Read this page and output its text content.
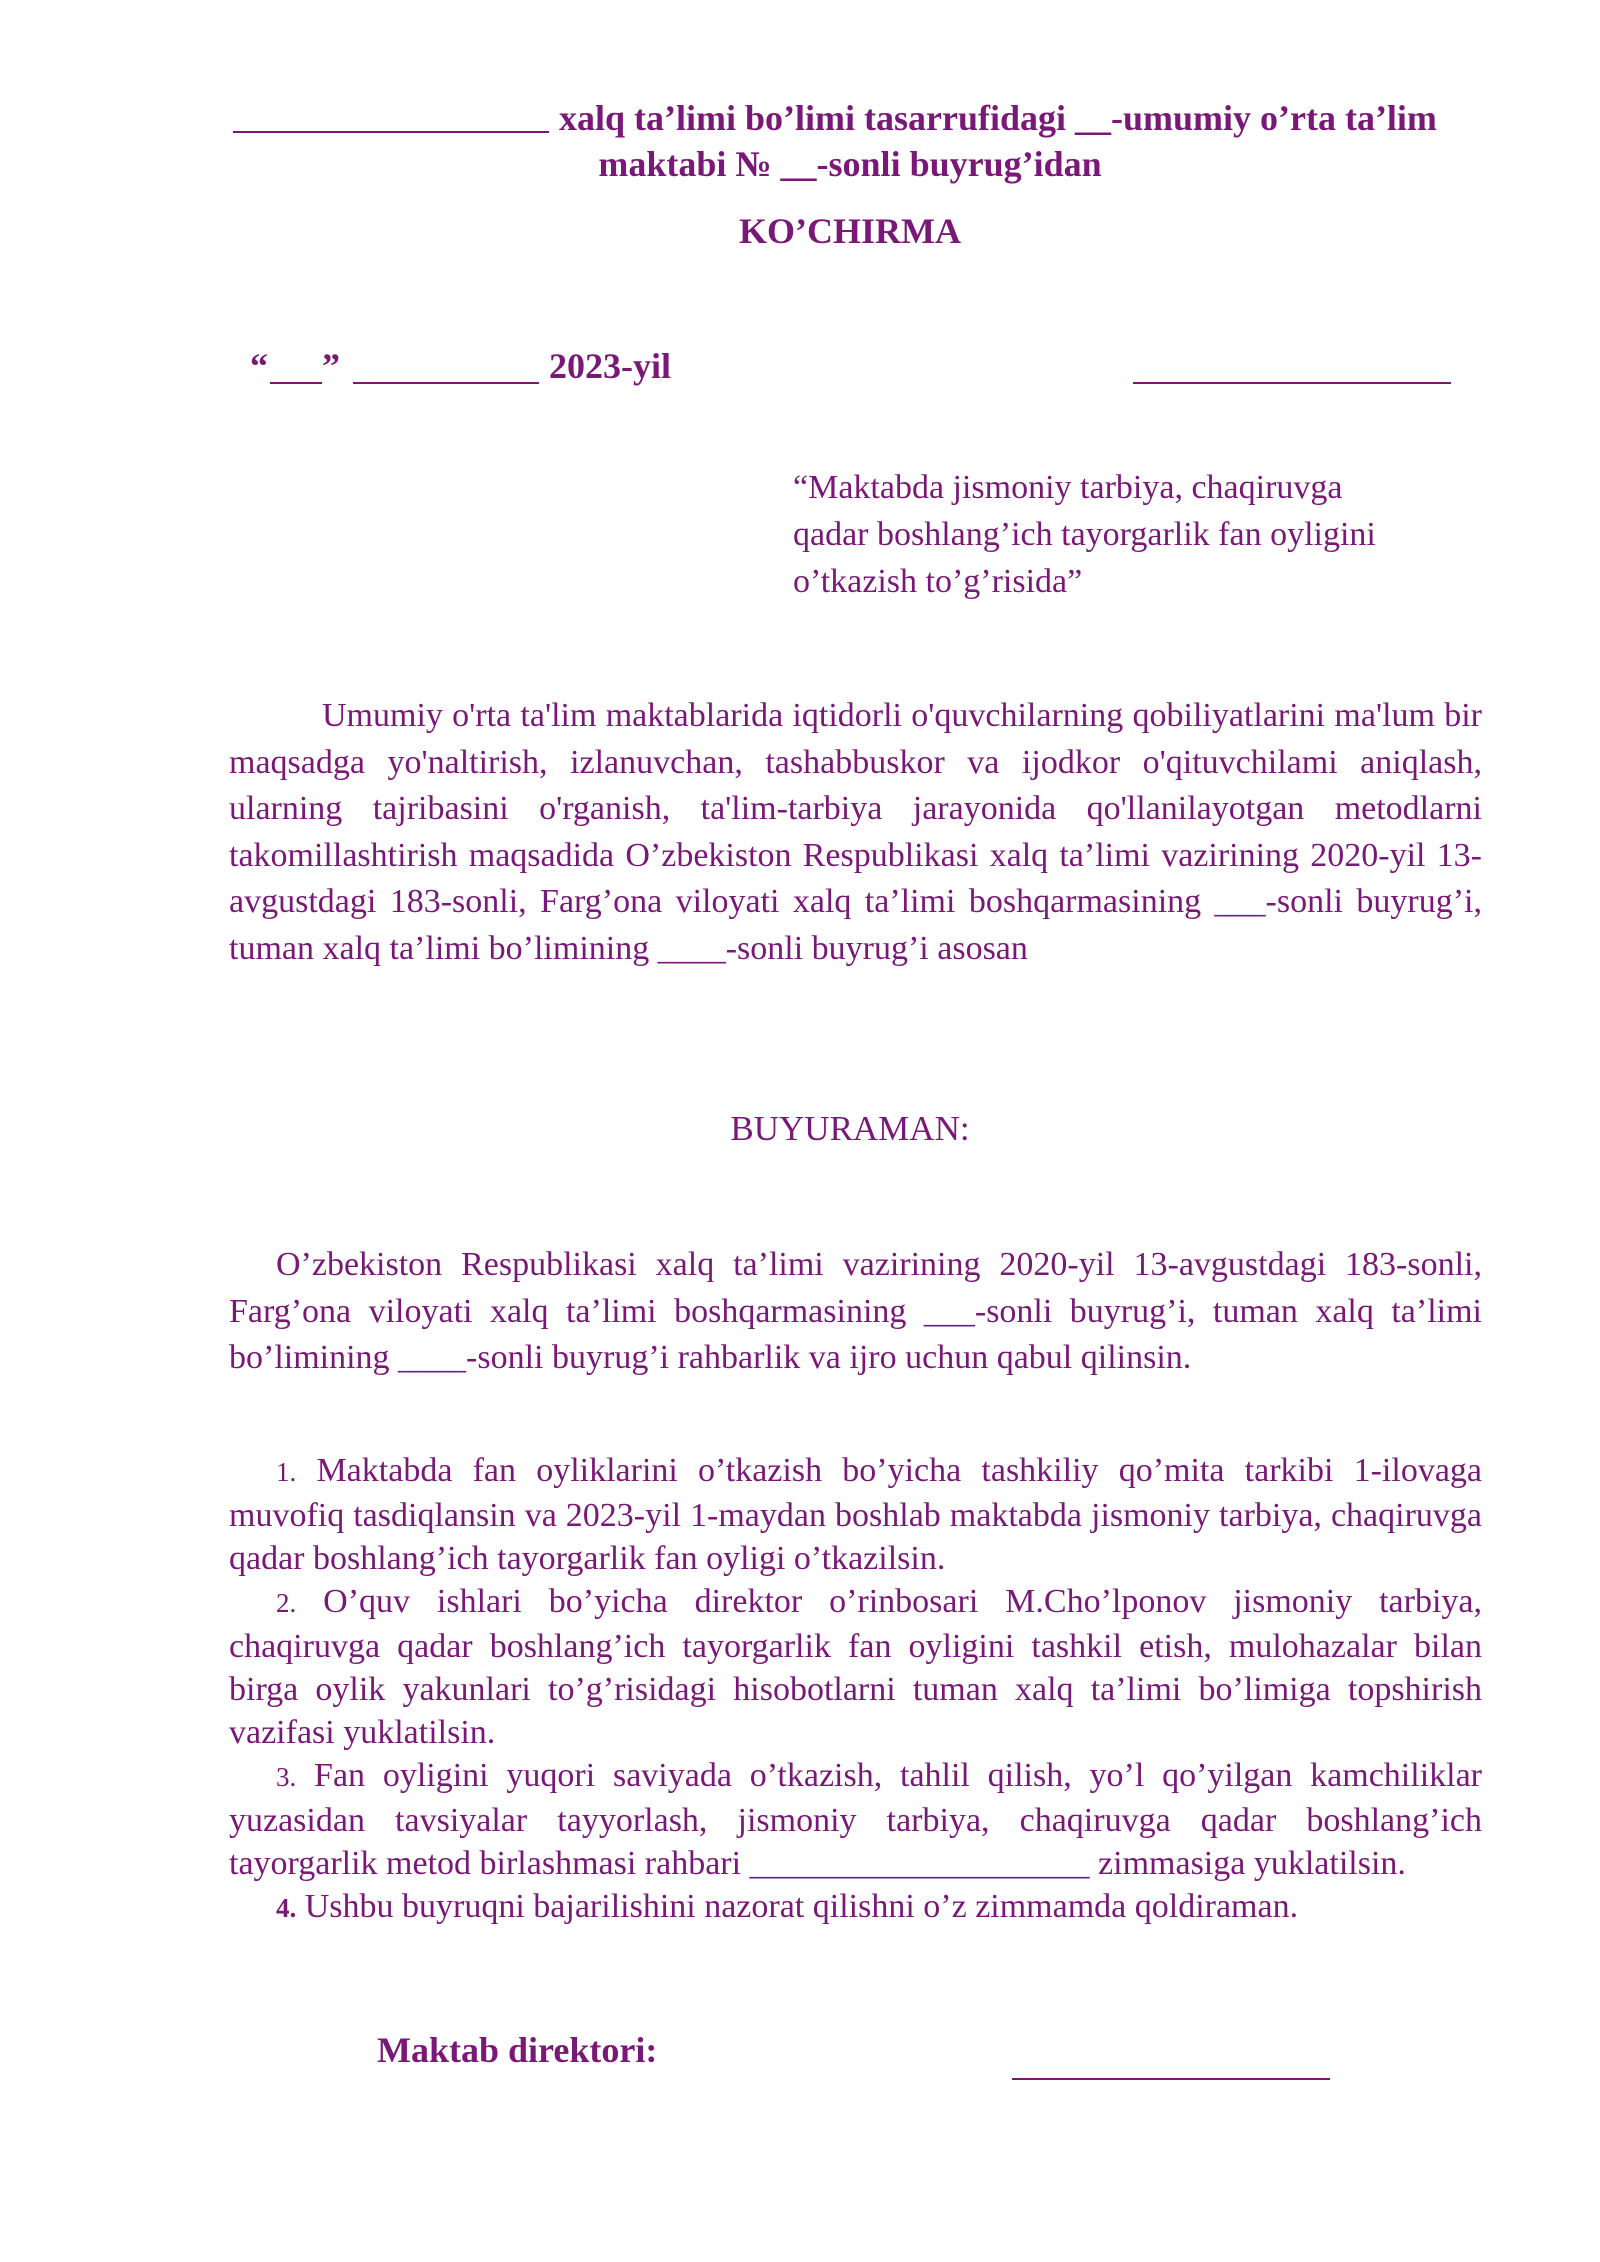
xalq ta’limi bo’limi tasarrufidagi __-umumiy o’rta ta’lim
maktabi № __-sonli buyrug’idan
KO’CHIRMA
“ ”	2023-yil
“Maktabda jismoniy tarbiya, chaqiruvga
qadar boshlang’ich tayorgarlik fan oyligini
o’tkazish to’g’risida”

Umumiy o'rta ta'lim maktablarida iqtidorli o'quvchilarning qobiliyatlarini ma'lum bir maqsadga yo'naltirish, izlanuvchan, tashabbuskor va ijodkor o'qituvchilami aniqlash, ularning tajribasini o'rganish, ta'lim-tarbiya jarayonida qo'llanilayotgan metodlarni takomillashtirish maqsadida O’zbekiston Respublikasi xalq ta’limi vazirining 2020-yil 13-avgustdagi 183-sonli, Farg’ona viloyati xalq ta’limi boshqarmasining ___-sonli buyrug’i, tuman xalq ta’limi bo’limining ____-sonli buyrug’i asosan

BUYURAMAN:

O’zbekiston Respublikasi xalq ta’limi vazirining 2020-yil 13-avgustdagi 183-sonli, Farg’ona viloyati xalq ta’limi boshqarmasining ___-sonli buyrug’i, tuman xalq ta’limi bo’limining ____-sonli buyrug’i rahbarlik va ijro uchun qabul qilinsin.

1. Maktabda fan oyliklarini o’tkazish bo’yicha tashkiliy qo’mita tarkibi 1-ilovaga muvofiq tasdiqlansin va 2023-yil 1-maydan boshlab maktabda jismoniy tarbiya, chaqiruvga qadar boshlang’ich tayorgarlik fan oyligi o’tkazilsin.

2. O’quv ishlari bo’yicha direktor o’rinbosari M.Cho’lponov jismoniy tarbiya, chaqiruvga qadar boshlang’ich tayorgarlik fan oyligini tashkil etish, mulohazalar bilan birga oylik yakunlari to’g’risidagi hisobotlarni tuman xalq ta’limi bo’limiga topshirish vazifasi yuklatilsin.

3. Fan oyligini yuqori saviyada o’tkazish, tahlil qilish, yo’l qo’yilgan kamchiliklar yuzasidan tavsiyalar tayyorlash, jismoniy tarbiya, chaqiruvga qadar boshlang’ich tayorgarlik metod birlashmasi rahbari ____________________ zimmasiga yuklatilsin.

4. Ushbu buyruqni bajarilishini nazorat qilishni o’z zimmamda qoldiraman.

Maktab direktori:
